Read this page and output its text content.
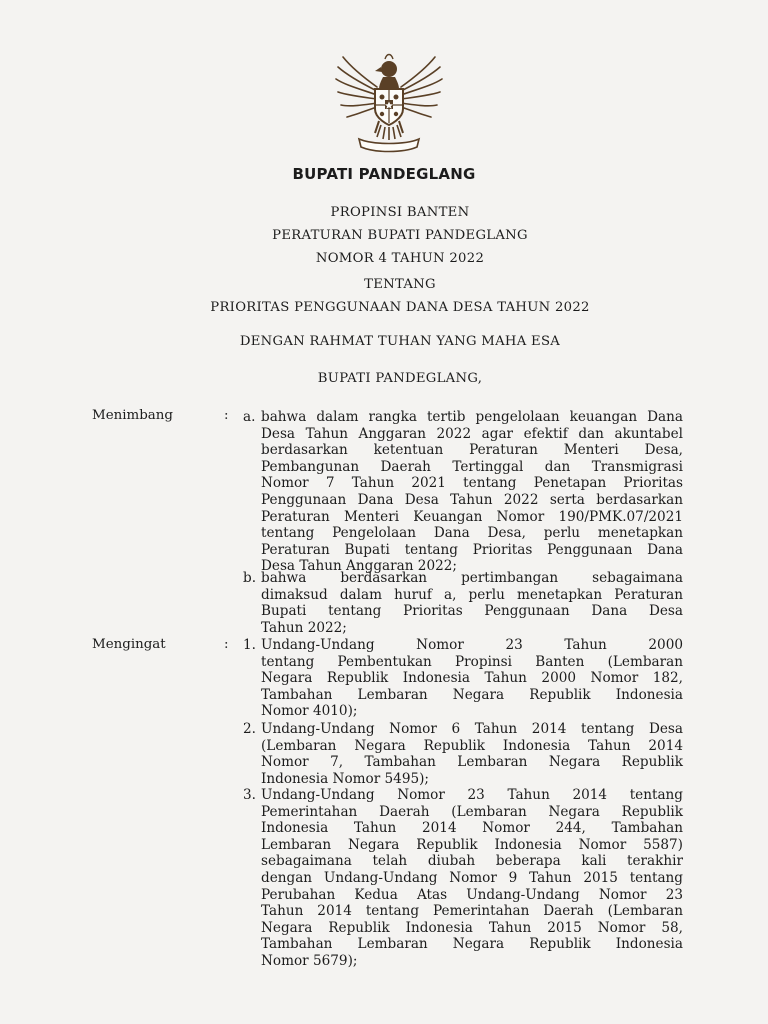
BUPATI PANDEGLANG
PROPINSI BANTEN
PERATURAN BUPATI PANDEGLANG
NOMOR 4 TAHUN 2022
TENTANG
PRIORITAS PENGGUNAAN DANA DESA TAHUN 2022
DENGAN RAHMAT TUHAN YANG MAHA ESA
BUPATI PANDEGLANG,
Menimbang	: a. bahwa dalam rangka tertib pengelolaan keuangan Dana
Desa Tahun Anggaran 2022 agar efektif dan akuntabel
berdasarkan ketentuan Peraturan Menteri Desa,
Pembangunan Daerah Tertinggal dan Transmigrasi
Nomor 7 Tahun 2021 tentang Penetapan Prioritas
Penggunaan Dana Desa Tahun 2022 serta berdasarkan
Peraturan Menteri Keuangan Nomor 190/PMK.07/2021
tentang Pengelolaan Dana Desa, perlu menetapkan
Peraturan Bupati tentang Prioritas Penggunaan Dana
Desa Tahun Anggaran 2022;
b. bahwa berdasarkan pertimbangan sebagaimana
dimaksud dalam huruf a, perlu menetapkan Peraturan
Bupati tentang Prioritas Penggunaan Dana Desa
Tahun 2022;
Mengingat	: 1. Undang-Undang Nomor 23 Tahun 2000
tentang Pembentukan Propinsi Banten (Lembaran
Negara Republik Indonesia Tahun 2000 Nomor 182,
Tambahan Lembaran Negara Republik Indonesia
Nomor 4010);
2. Undang-Undang Nomor 6 Tahun 2014 tentang Desa
(Lembaran Negara Republik Indonesia Tahun 2014
Nomor 7, Tambahan Lembaran Negara Republik
Indonesia Nomor 5495);
3. Undang-Undang Nomor 23 Tahun 2014 tentang
Pemerintahan Daerah (Lembaran Negara Republik
Indonesia Tahun 2014 Nomor 244, Tambahan
Lembaran Negara Republik Indonesia Nomor 5587)
sebagaimana telah diubah beberapa kali terakhir
dengan Undang-Undang Nomor 9 Tahun 2015 tentang
Perubahan Kedua Atas Undang-Undang Nomor 23
Tahun 2014 tentang Pemerintahan Daerah (Lembaran
Negara Republik Indonesia Tahun 2015 Nomor 58,
Tambahan Lembaran Negara Republik Indonesia
Nomor 5679);
